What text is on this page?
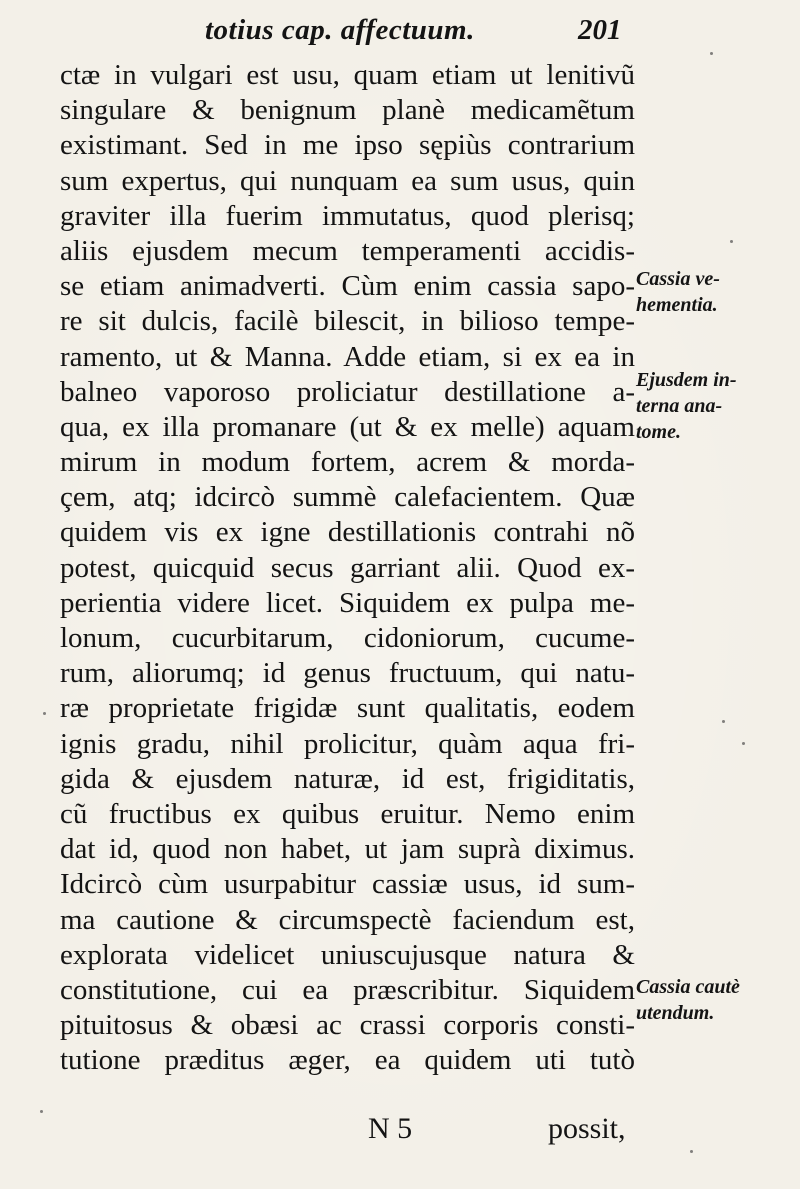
totius cap. affectuum.	201
ctæ in vulgari est usu, quam etiam ut lenitivũ
singulare & benignum planè medicamẽtum
existimant. Sed in me ipso sępiùs contrarium
sum expertus, qui nunquam ea sum usus, quin
graviter illa fuerim immutatus, quod plerisq;
aliis ejusdem mecum temperamenti accidis-
se etiam animadverti. Cùm enim cassia sapo-
re sit dulcis, facilè bilescit, in bilioso tempe-
ramento, ut & Manna. Adde etiam, si ex ea in
balneo vaporoso proliciatur destillatione a-
qua, ex illa promanare (ut & ex melle) aquam
mirum in modum fortem, acrem & morda-
çem, atq; idcircò summè calefacientem. Quæ
quidem vis ex igne destillationis contrahi nõ
potest, quicquid secus garriant alii. Quod ex-
perientia videre licet. Siquidem ex pulpa me-
lonum, cucurbitarum, cidoniorum, cucume-
rum, aliorumq; id genus fructuum, qui natu-
ræ proprietate frigidæ sunt qualitatis, eodem
ignis gradu, nihil prolicitur, quàm aqua fri-
gida & ejusdem naturæ, id est, frigiditatis,
cũ fructibus ex quibus eruitur. Nemo enim
dat id, quod non habet, ut jam suprà diximus.
Idcircò cùm usurpabitur cassiæ usus, id sum-
ma cautione & circumspectè faciendum est,
explorata videlicet uniuscujusque natura &
constitutione, cui ea præscribitur. Siquidem
pituitosus & obæsi ac crassi corporis consti-
tutione præditus æger, ea quidem uti tutò
Cassia ve-
hementia.
Ejusdem in-
terna ana-
tome.
Cassia cautè
utendum.
N 5	possit,
